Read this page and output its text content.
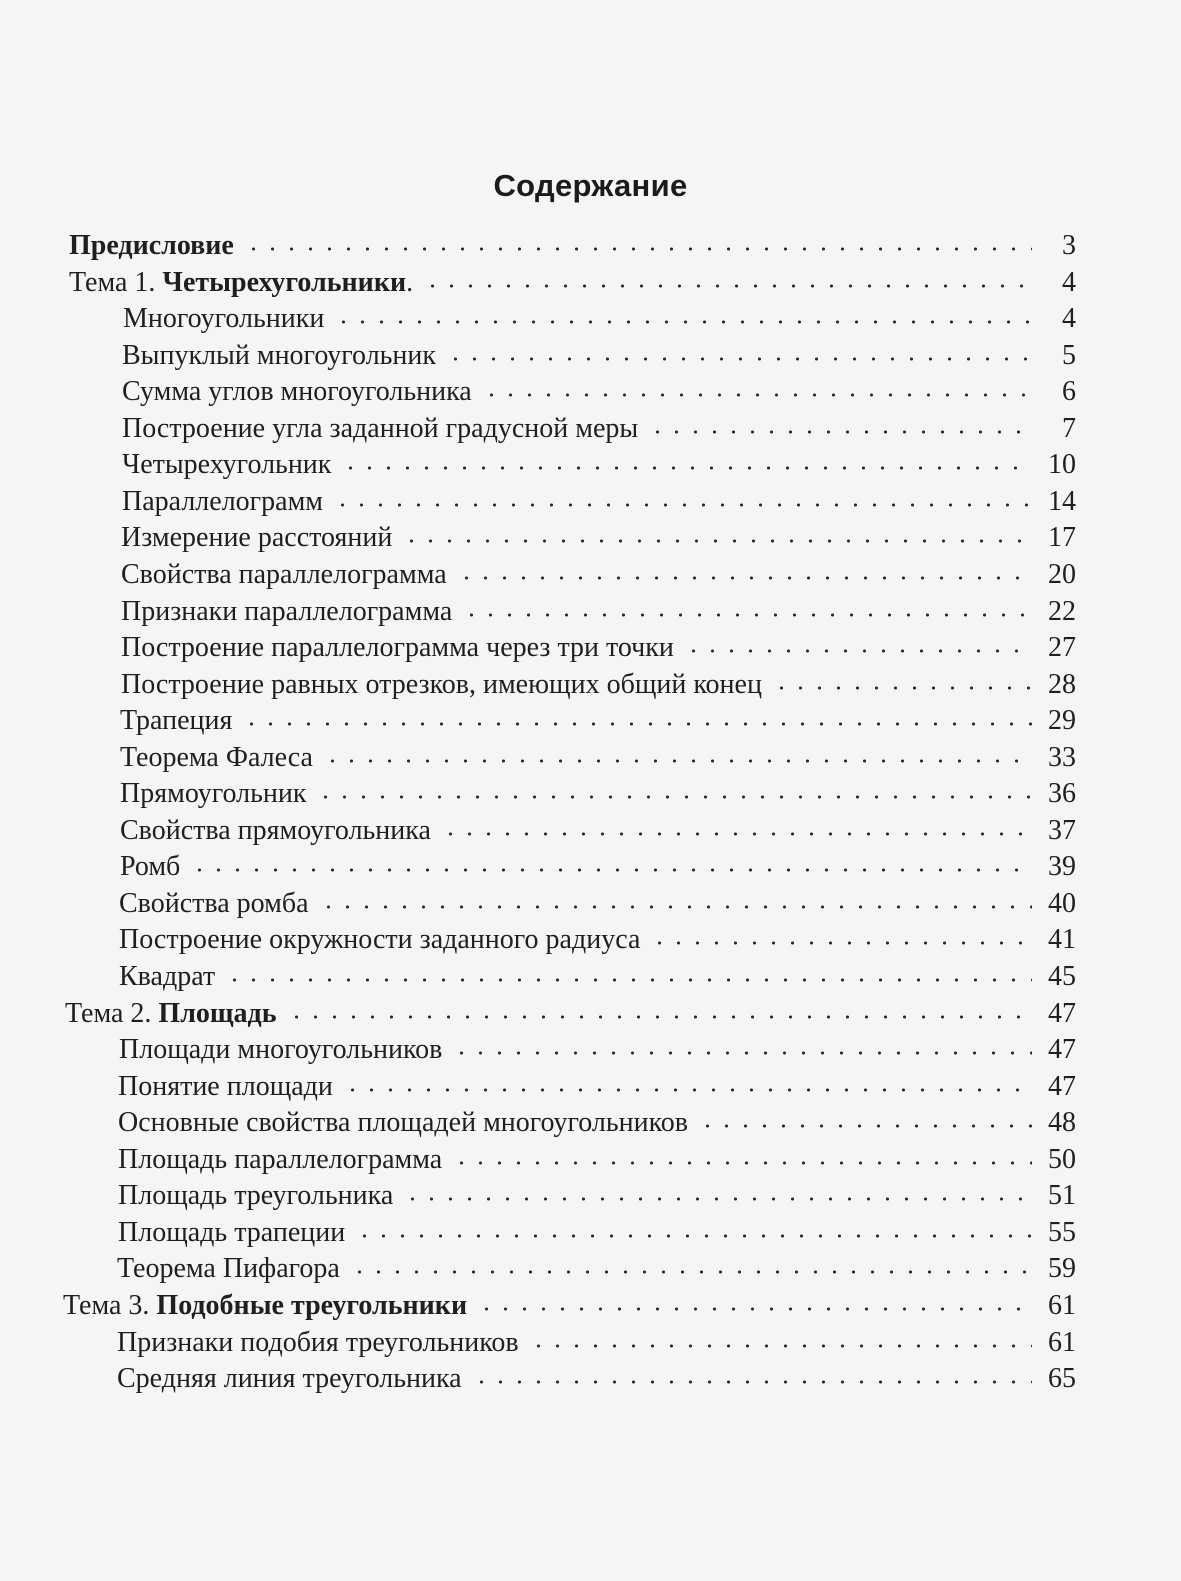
Содержание
Предисловие	3
Тема 1. Четырехугольники.	4
Многоугольники	4
Выпуклый многоугольник	5
Сумма углов многоугольника	6
Построение угла заданной градусной меры	7
Четырехугольник	10
Параллелограмм	14
Измерение расстояний	17
Свойства параллелограмма	20
Признаки параллелограмма	22
Построение параллелограмма через три точки	27
Построение равных отрезков, имеющих общий конец	28
Трапеция	29
Теорема Фалеса	33
Прямоугольник	36
Свойства прямоугольника	37
Ромб	39
Свойства ромба	40
Построение окружности заданного радиуса	41
Квадрат	45
Тема 2. Площадь	47
Площади многоугольников	47
Понятие площади	47
Основные свойства площадей многоугольников	48
Площадь параллелограмма	50
Площадь треугольника	51
Площадь трапеции	55
Теорема Пифагора	59
Тема 3. Подобные треугольники	61
Признаки подобия треугольников	61
Средняя линия треугольника	65
